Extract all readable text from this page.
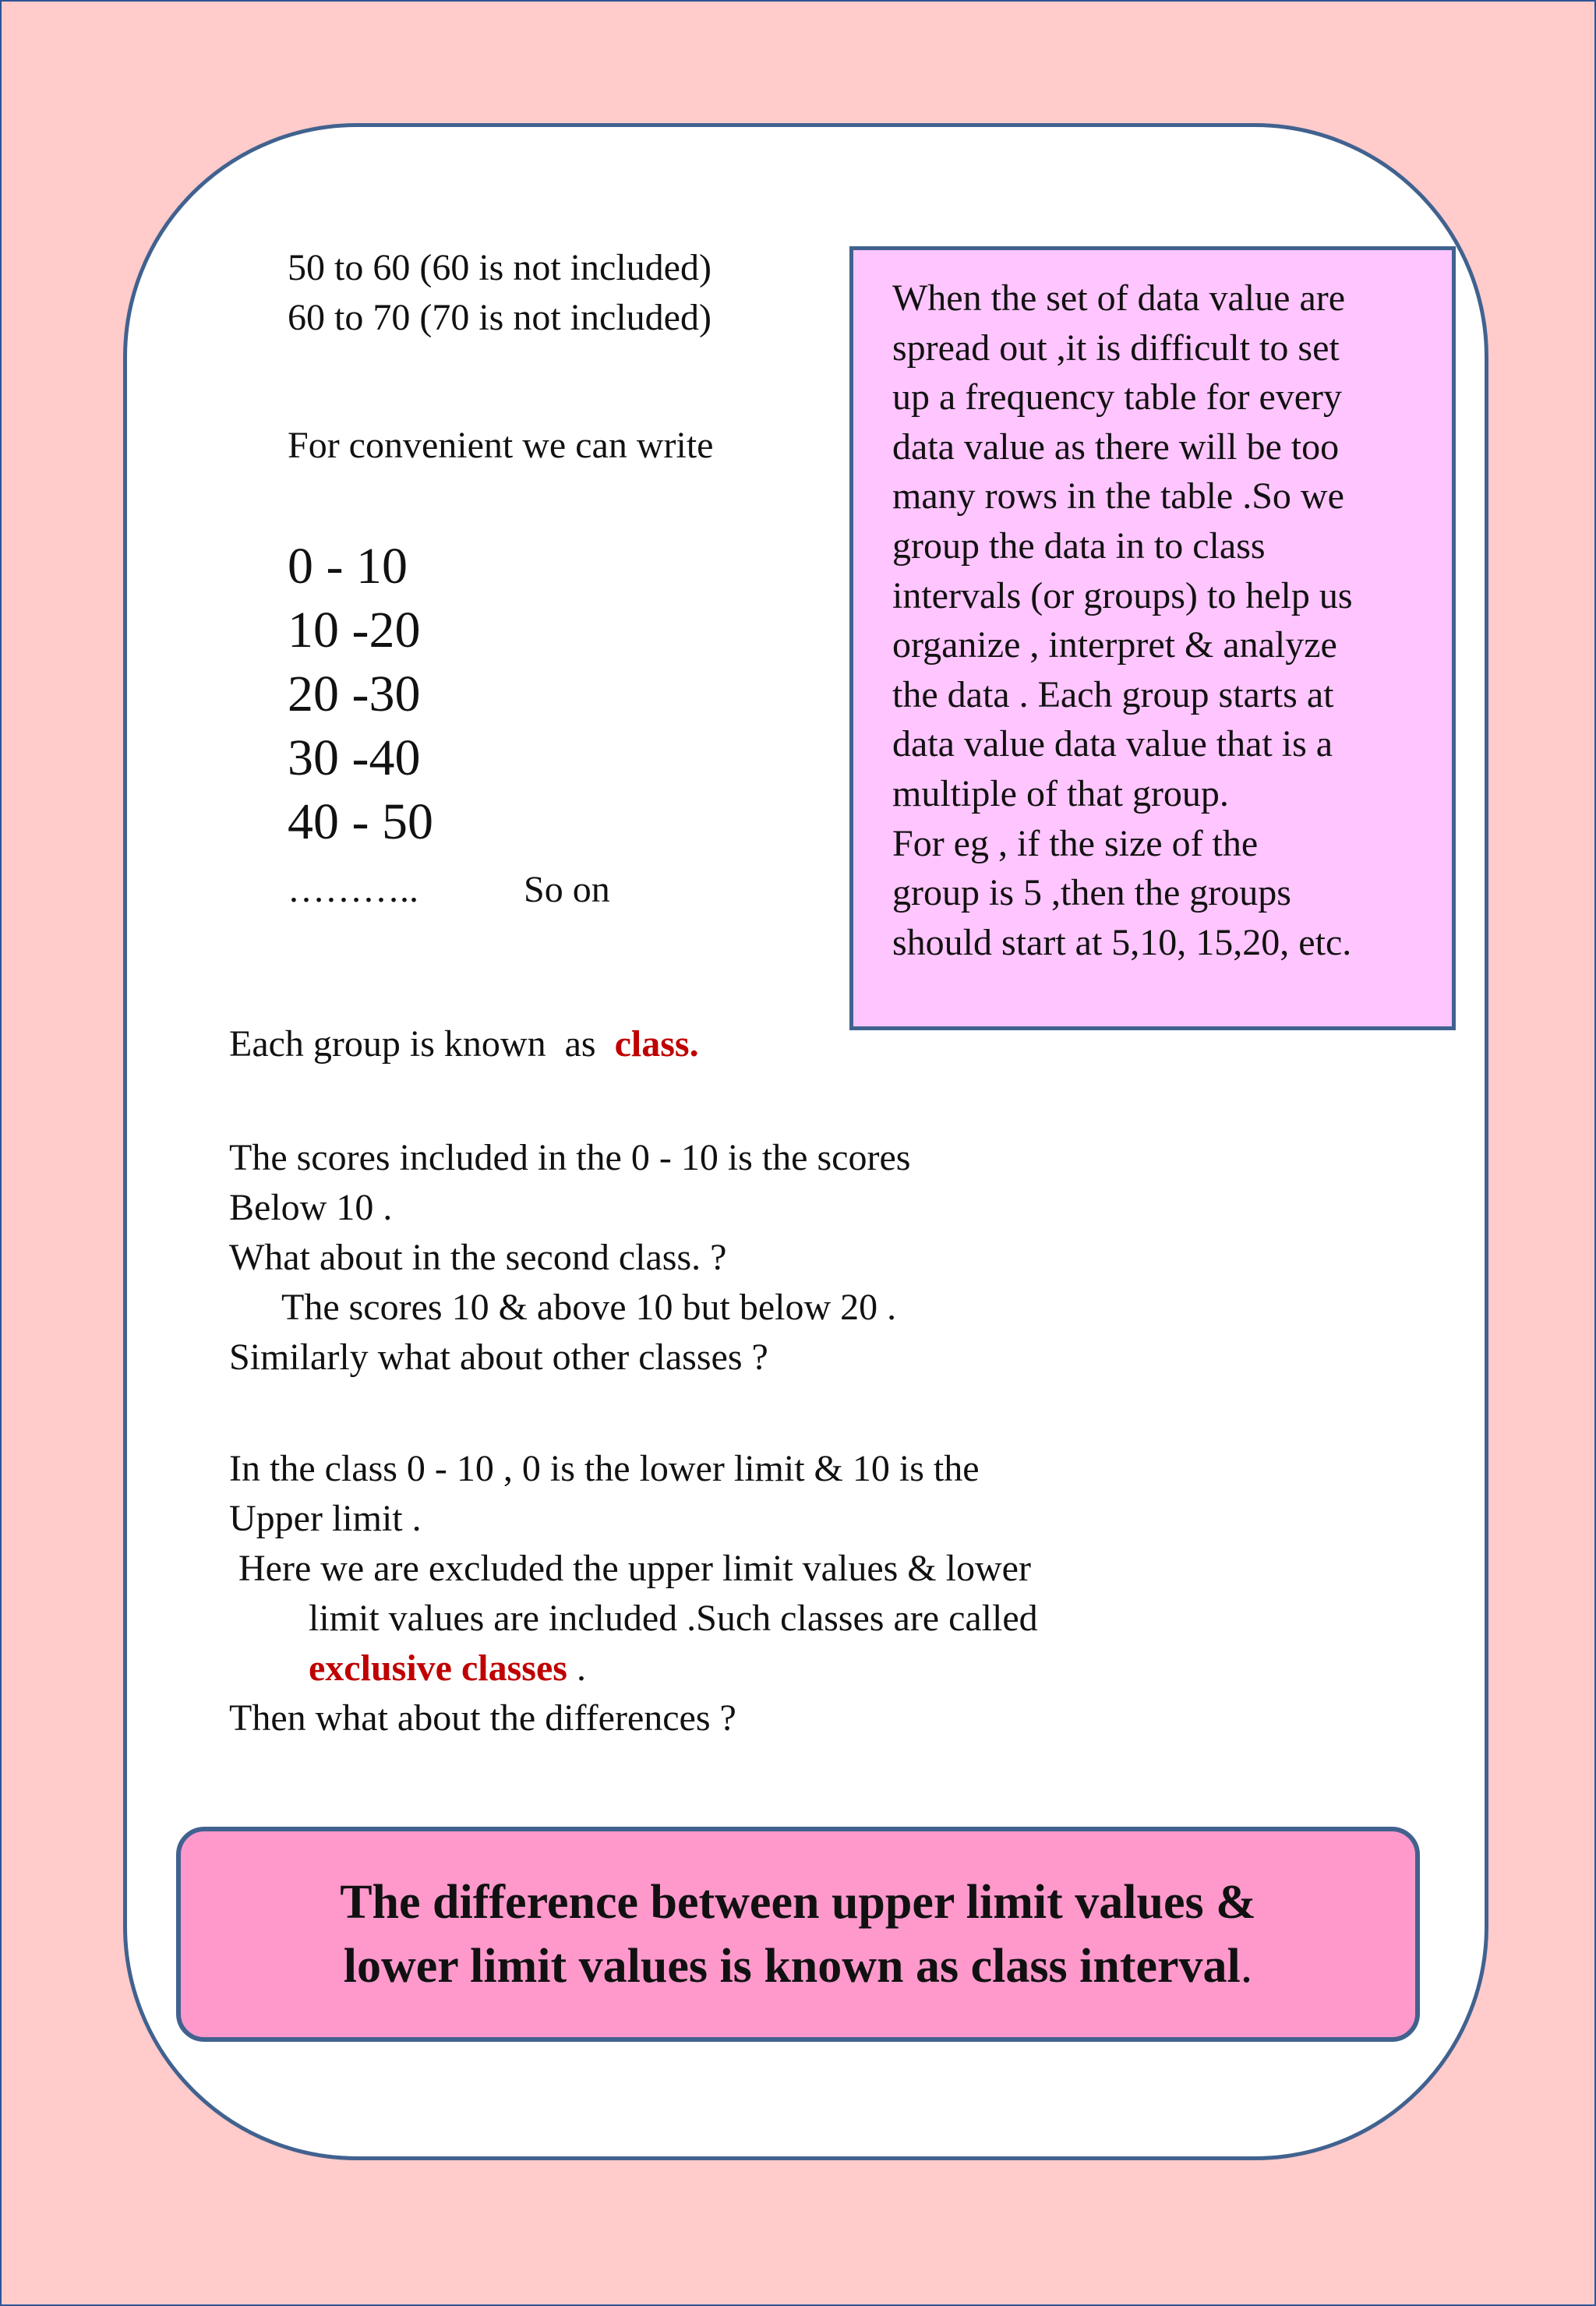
50 to 60 (60 is not included)
60 to 70 (70 is not included)
For convenient we can write
0 - 10
10 -20
20 -30
30 -40
40 - 50
………..	So on
When the set of data value are
spread out ,it is difficult to set
up a frequency table for every
data value as there will be too
many rows in the table .So we
group the data in to class
intervals (or groups) to help us
organize , interpret & analyze
the data . Each group starts at
data value data value that is a
multiple of that group.
For eg , if the size of the
group is 5 ,then the groups
should start at 5,10, 15,20, etc.
Each group is known  as  class.
The scores included in the 0 - 10 is the scores
Below 10 .
What about in the second class. ?
The scores 10 & above 10 but below 20 .
Similarly what about other classes ?
In the class 0 - 10 , 0 is the lower limit & 10 is the
Upper limit .
Here we are excluded the upper limit values & lower
limit values are included .Such classes are called
exclusive classes .
Then what about the differences ?
The difference between upper limit values &
lower limit values is known as class interval.
